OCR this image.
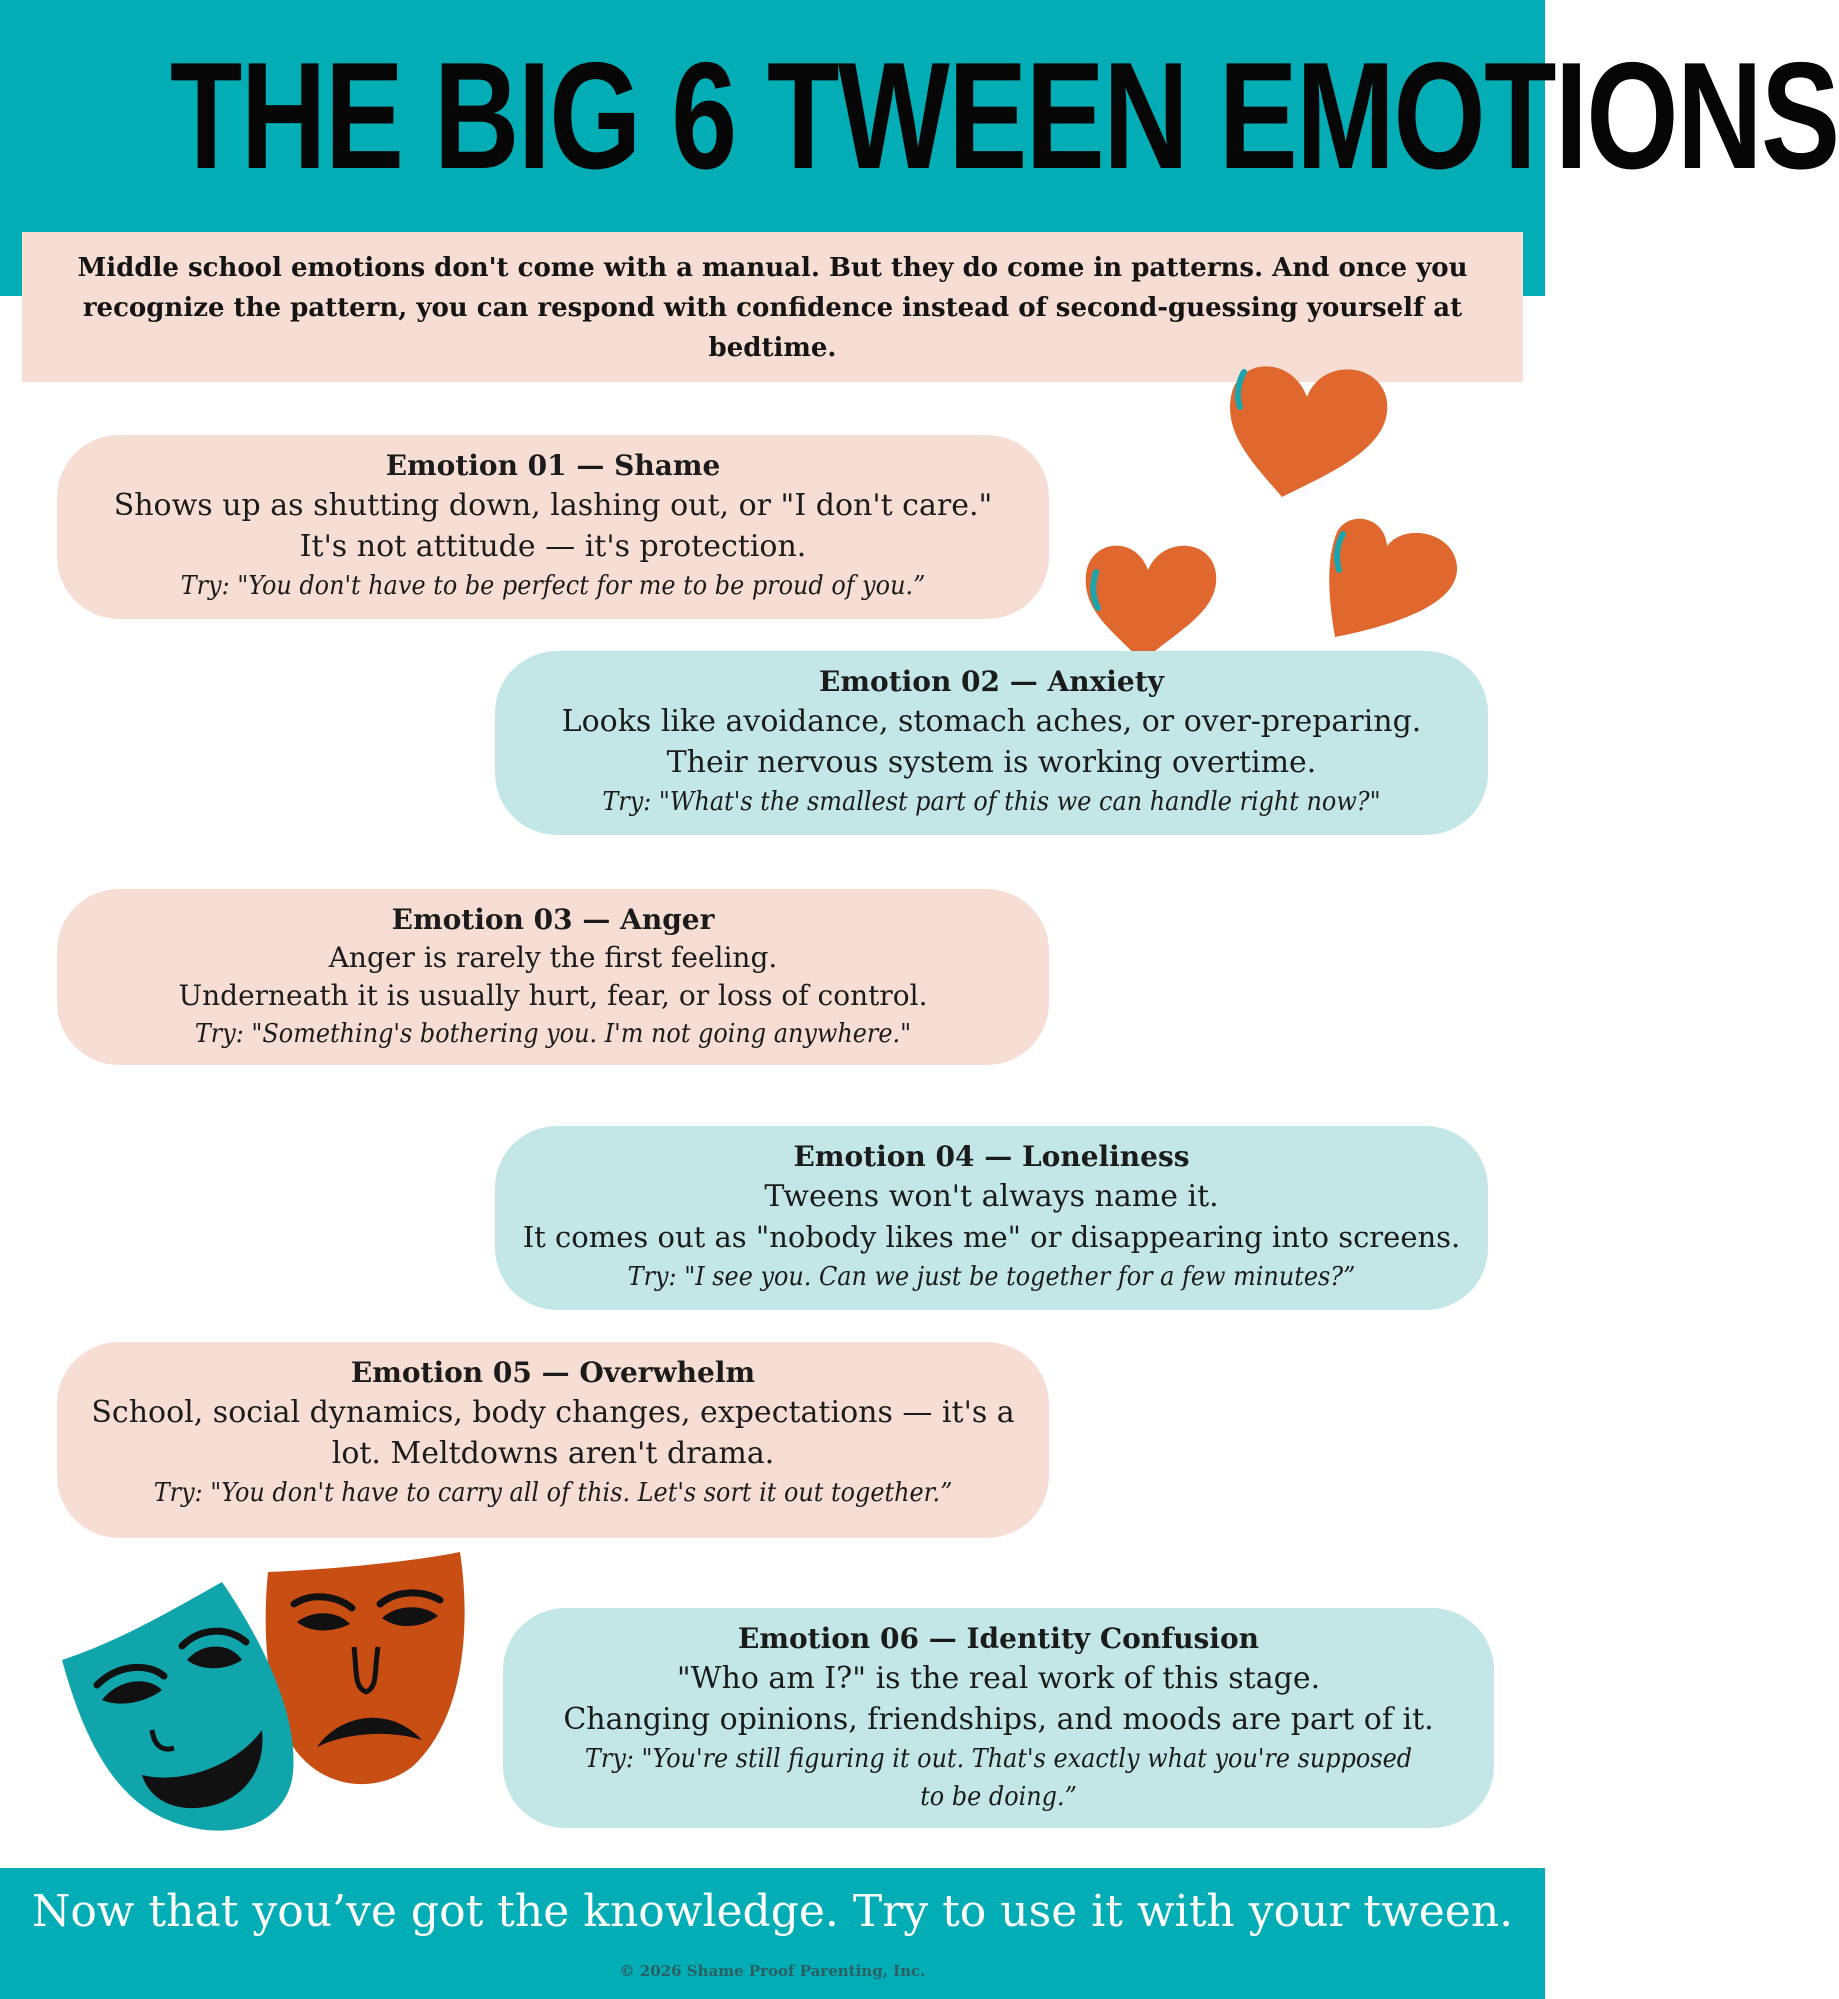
THE BIG 6 TWEEN EMOTIONS
Middle school emotions don't come with a manual. But they do come in patterns. And once you recognize the pattern, you can respond with confidence instead of second-guessing yourself at bedtime.
Emotion 01 — Shame
Shows up as shutting down, lashing out, or "I don't care."
It's not attitude — it's protection.
Try: "You don't have to be perfect for me to be proud of you.”
Emotion 02 — Anxiety
Looks like avoidance, stomach aches, or over-preparing.
Their nervous system is working overtime.
Try: "What's the smallest part of this we can handle right now?"
Emotion 03 — Anger
Anger is rarely the first feeling.
Underneath it is usually hurt, fear, or loss of control.
Try: "Something's bothering you. I'm not going anywhere."
Emotion 04 — Loneliness
Tweens won't always name it.
It comes out as "nobody likes me" or disappearing into screens.
Try: "I see you. Can we just be together for a few minutes?”
Emotion 05 — Overwhelm
School, social dynamics, body changes, expectations — it's a
lot. Meltdowns aren't drama.
Try: "You don't have to carry all of this. Let's sort it out together.”
Emotion 06 — Identity Confusion
"Who am I?" is the real work of this stage.
Changing opinions, friendships, and moods are part of it.
Try: "You're still figuring it out. That's exactly what you're supposed to be doing.”
Now that you’ve got the knowledge. Try to use it with your tween.
© 2026 Shame Proof Parenting, Inc.
